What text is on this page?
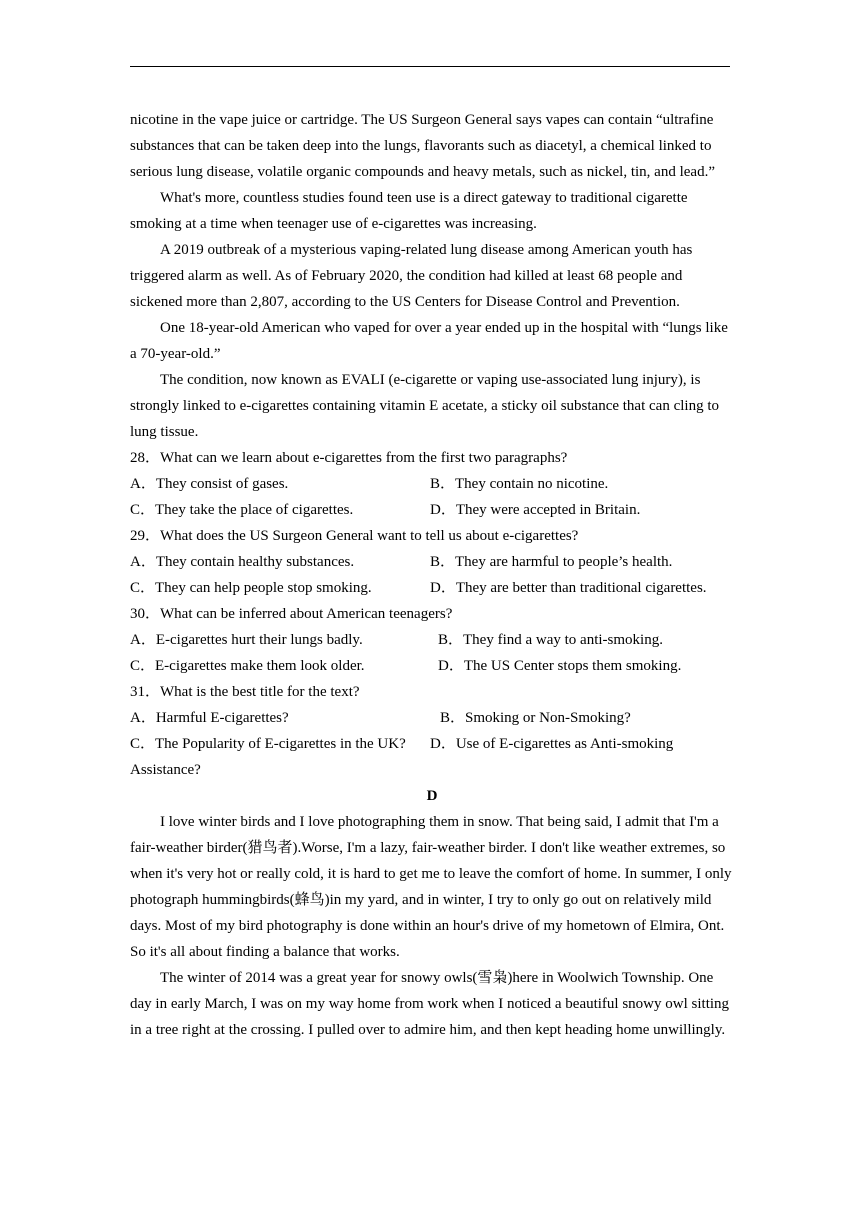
nicotine in the vape juice or cartridge. The US Surgeon General says vapes can contain “ultrafine substances that can be taken deep into the lungs, flavorants such as diacetyl, a chemical linked to serious lung disease, volatile organic compounds and heavy metals, such as nickel, tin, and lead.”

What's more, countless studies found teen use is a direct gateway to traditional cigarette smoking at a time when teenager use of e-cigarettes was increasing.

A 2019 outbreak of a mysterious vaping-related lung disease among American youth has triggered alarm as well. As of February 2020, the condition had killed at least 68 people and sickened more than 2,807, according to the US Centers for Disease Control and Prevention.

One 18-year-old American who vaped for over a year ended up in the hospital with “lungs like a 70-year-old.”

The condition, now known as EVALI (e-cigarette or vaping use-associated lung injury), is strongly linked to e-cigarettes containing vitamin E acetate, a sticky oil substance that can cling to lung tissue.

28．What can we learn about e-cigarettes from the first two paragraphs?

A．They consist of gases.	B．They contain no nicotine.
C．They take the place of cigarettes.	D．They were accepted in Britain.

29．What does the US Surgeon General want to tell us about e-cigarettes?

A．They contain healthy substances.	B．They are harmful to people’s health.
C．They can help people stop smoking.	D．They are better than traditional cigarettes.

30．What can be inferred about American teenagers?

A．E-cigarettes hurt their lungs badly.	B．They find a way to anti-smoking.
C．E-cigarettes make them look older.	D．The US Center stops them smoking.

31．What is the best title for the text?

A．Harmful E-cigarettes?	B．Smoking or Non-Smoking?
C．The Popularity of E-cigarettes in the UK?	D．Use of E-cigarettes as Anti-smoking

Assistance?

D

I love winter birds and I love photographing them in snow. That being said, I admit that I'm a fair-weather birder(猎鸟者).Worse, I'm a lazy, fair-weather birder. I don't like weather extremes, so when it's very hot or really cold, it is hard to get me to leave the comfort of home. In summer, I only photograph hummingbirds(蜂鸟)in my yard, and in winter, I try to only go out on relatively mild days. Most of my bird photography is done within an hour's drive of my hometown of Elmira, Ont. So it's all about finding a balance that works.

The winter of 2014 was a great year for snowy owls(雪枭)here in Woolwich Township. One day in early March, I was on my way home from work when I noticed a beautiful snowy owl sitting in a tree right at the crossing. I pulled over to admire him, and then kept heading home unwillingly.
